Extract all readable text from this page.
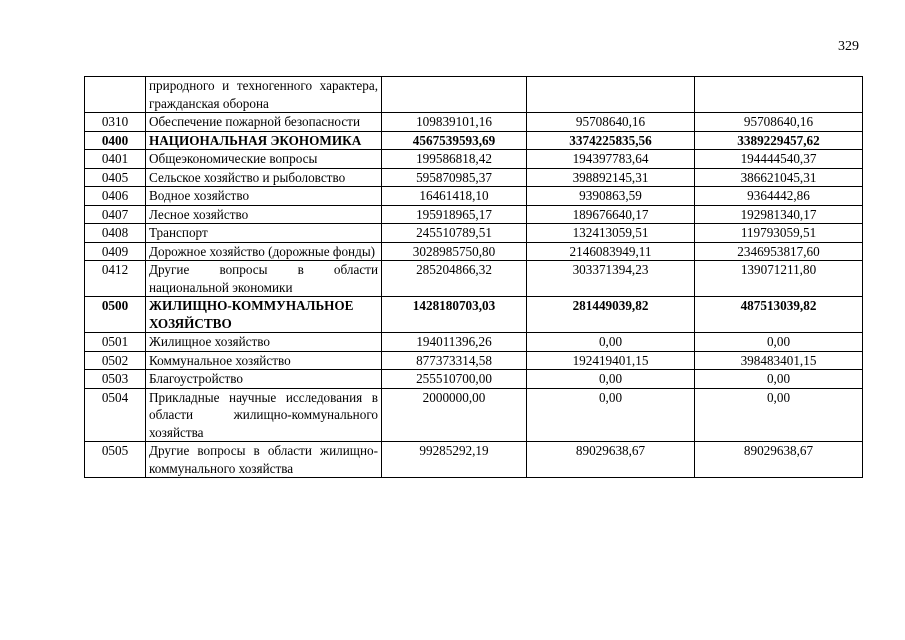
329
	природного и техногенного характера, гражданская оборона			
0310	Обеспечение пожарной безопасности	109839101,16	95708640,16	95708640,16
0400	НАЦИОНАЛЬНАЯ ЭКОНОМИКА	4567539593,69	3374225835,56	3389229457,62
0401	Общеэкономические вопросы	199586818,42	194397783,64	194444540,37
0405	Сельское хозяйство и рыболовство	595870985,37	398892145,31	386621045,31
0406	Водное хозяйство	16461418,10	9390863,59	9364442,86
0407	Лесное хозяйство	195918965,17	189676640,17	192981340,17
0408	Транспорт	245510789,51	132413059,51	119793059,51
0409	Дорожное хозяйство (дорожные фонды)	3028985750,80	2146083949,11	2346953817,60
0412	Другие вопросы в области национальной экономики	285204866,32	303371394,23	139071211,80
0500	ЖИЛИЩНО-КОММУНАЛЬНОЕ ХОЗЯЙСТВО	1428180703,03	281449039,82	487513039,82
0501	Жилищное хозяйство	194011396,26	0,00	0,00
0502	Коммунальное хозяйство	877373314,58	192419401,15	398483401,15
0503	Благоустройство	255510700,00	0,00	0,00
0504	Прикладные научные исследования в области жилищно-коммунального хозяйства	2000000,00	0,00	0,00
0505	Другие вопросы в области жилищно-коммунального хозяйства	99285292,19	89029638,67	89029638,67
